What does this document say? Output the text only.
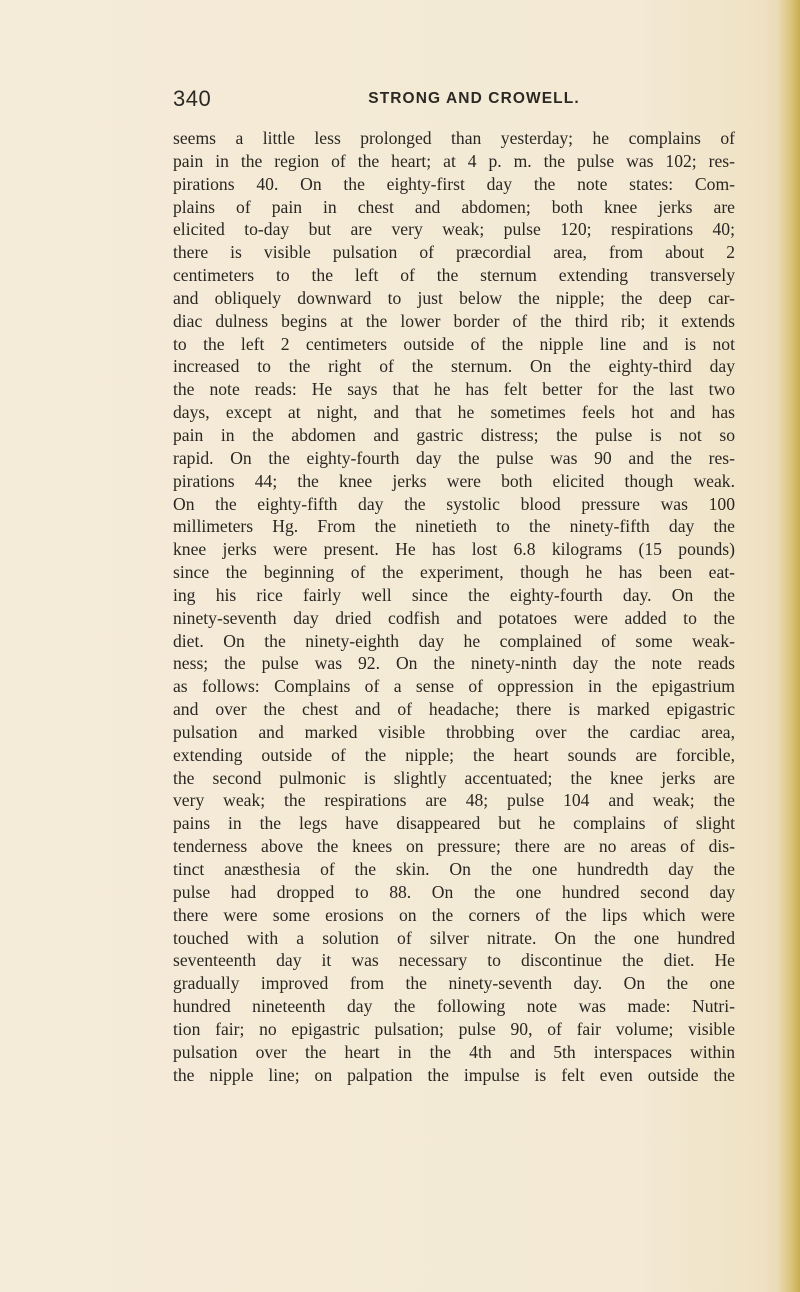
340	STRONG AND CROWELL.
seems a little less prolonged than yesterday; he complains of
pain in the region of the heart; at 4 p. m. the pulse was 102; res-
pirations 40. On the eighty-first day the note states: Com-
plains of pain in chest and abdomen; both knee jerks are
elicited to-day but are very weak; pulse 120; respirations 40;
there is visible pulsation of præcordial area, from about 2
centimeters to the left of the sternum extending transversely
and obliquely downward to just below the nipple; the deep car-
diac dulness begins at the lower border of the third rib; it extends
to the left 2 centimeters outside of the nipple line and is not
increased to the right of the sternum. On the eighty-third day
the note reads: He says that he has felt better for the last two
days, except at night, and that he sometimes feels hot and has
pain in the abdomen and gastric distress; the pulse is not so
rapid. On the eighty-fourth day the pulse was 90 and the res-
pirations 44; the knee jerks were both elicited though weak.
On the eighty-fifth day the systolic blood pressure was 100
millimeters Hg. From the ninetieth to the ninety-fifth day the
knee jerks were present. He has lost 6.8 kilograms (15 pounds)
since the beginning of the experiment, though he has been eat-
ing his rice fairly well since the eighty-fourth day. On the
ninety-seventh day dried codfish and potatoes were added to the
diet. On the ninety-eighth day he complained of some weak-
ness; the pulse was 92. On the ninety-ninth day the note reads
as follows: Complains of a sense of oppression in the epigastrium
and over the chest and of headache; there is marked epigastric
pulsation and marked visible throbbing over the cardiac area,
extending outside of the nipple; the heart sounds are forcible,
the second pulmonic is slightly accentuated; the knee jerks are
very weak; the respirations are 48; pulse 104 and weak; the
pains in the legs have disappeared but he complains of slight
tenderness above the knees on pressure; there are no areas of dis-
tinct anæsthesia of the skin. On the one hundredth day the
pulse had dropped to 88. On the one hundred second day
there were some erosions on the corners of the lips which were
touched with a solution of silver nitrate. On the one hundred
seventeenth day it was necessary to discontinue the diet. He
gradually improved from the ninety-seventh day. On the one
hundred nineteenth day the following note was made: Nutri-
tion fair; no epigastric pulsation; pulse 90, of fair volume; visible
pulsation over the heart in the 4th and 5th interspaces within
the nipple line; on palpation the impulse is felt even outside the
